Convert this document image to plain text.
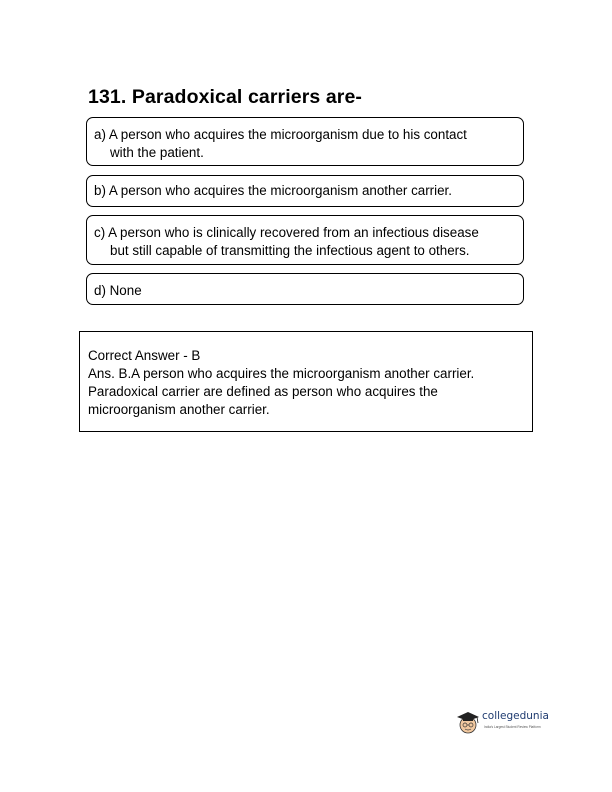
131. Paradoxical carriers are-
a) A person who acquires the microorganism due to his contact
with the patient.
b) A person who acquires the microorganism another carrier.
c) A person who is clinically recovered from an infectious disease
but still capable of transmitting the infectious agent to others.
d) None
Correct Answer - B
Ans. B.A person who acquires the microorganism another carrier.
Paradoxical carrier are defined as person who acquires the
microorganism another carrier.
collegedunia
India's Largest Student Review Platform
